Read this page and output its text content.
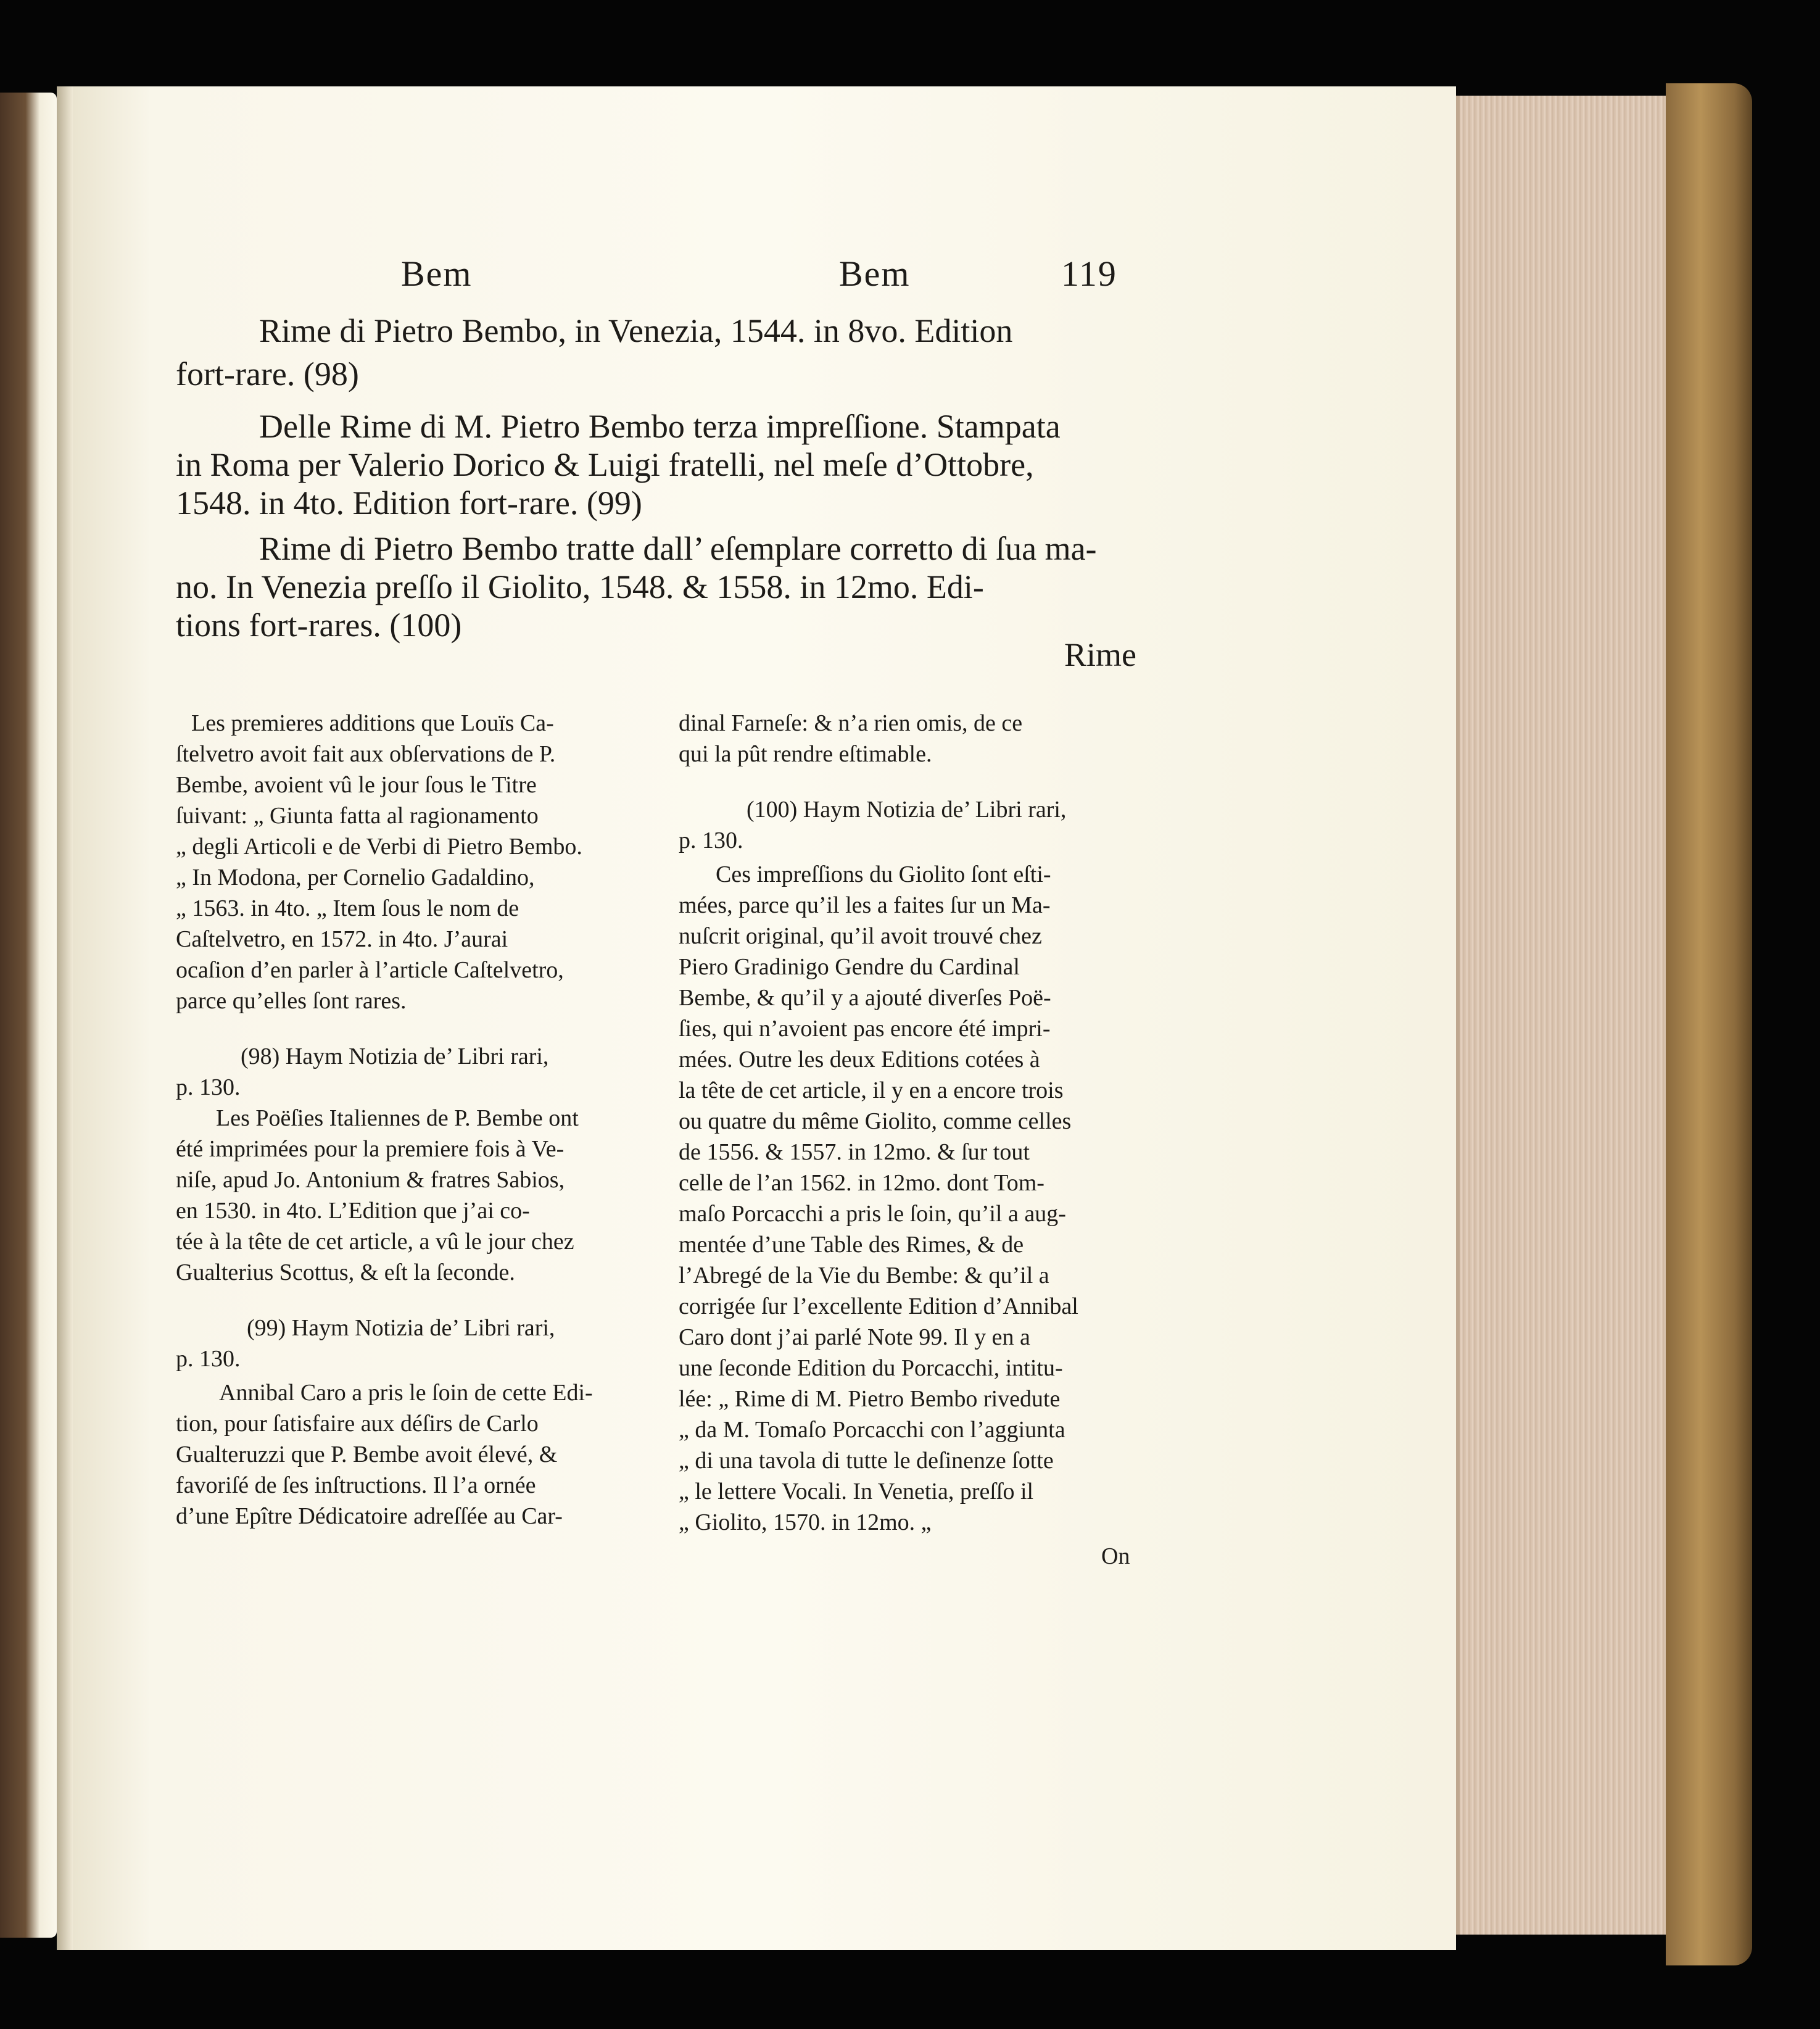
Bem	Bem	119
Rime di Pietro Bembo, in Venezia, 1544. in 8vo. Edition
fort-rare. (98)
Delle Rime di M. Pietro Bembo terza impreſſione. Stampata
in Roma per Valerio Dorico & Luigi fratelli, nel meſe d’Ottobre,
1548. in 4to. Edition fort-rare. (99)
Rime di Pietro Bembo tratte dall’ eſemplare corretto di ſua ma-
no. In Venezia preſſo il Giolito, 1548. & 1558. in 12mo. Edi-
tions fort-rares. (100)
Rime
Les premieres additions que Louïs Ca-
ſtelvetro avoit fait aux obſervations de P.
Bembe, avoient vû le jour ſous le Titre
ſuivant: „ Giunta fatta al ragionamento
„ degli Articoli e de Verbi di Pietro Bembo.
„ In Modona, per Cornelio Gadaldino,
„ 1563. in 4to. „ Item ſous le nom de
Caſtelvetro, en 1572. in 4to. J’aurai
ocaſion d’en parler à l’article Caſtelvetro,
parce qu’elles ſont rares.
(98) Haym Notizia de’ Libri rari,
p. 130.
Les Poëſies Italiennes de P. Bembe ont
été imprimées pour la premiere fois à Ve-
niſe, apud Jo. Antonium & fratres Sabios,
en 1530. in 4to. L’Edition que j’ai co-
tée à la tête de cet article, a vû le jour chez
Gualterius Scottus, & eſt la ſeconde.
(99) Haym Notizia de’ Libri rari,
p. 130.
Annibal Caro a pris le ſoin de cette Edi-
tion, pour ſatisfaire aux déſirs de Carlo
Gualteruzzi que P. Bembe avoit élevé, &
favoriſé de ſes inſtructions. Il l’a ornée
d’une Epître Dédicatoire adreſſée au Car-
dinal Farneſe: & n’a rien omis, de ce
qui la pût rendre eſtimable.
(100) Haym Notizia de’ Libri rari,
p. 130.
Ces impreſſions du Giolito ſont eſti-
mées, parce qu’il les a faites ſur un Ma-
nuſcrit original, qu’il avoit trouvé chez
Piero Gradinigo Gendre du Cardinal
Bembe, & qu’il y a ajouté diverſes Poë-
ſies, qui n’avoient pas encore été impri-
mées. Outre les deux Editions cotées à
la tête de cet article, il y en a encore trois
ou quatre du même Giolito, comme celles
de 1556. & 1557. in 12mo. & ſur tout
celle de l’an 1562. in 12mo. dont Tom-
maſo Porcacchi a pris le ſoin, qu’il a aug-
mentée d’une Table des Rimes, & de
l’Abregé de la Vie du Bembe: & qu’il a
corrigée ſur l’excellente Edition d’Annibal
Caro dont j’ai parlé Note 99. Il y en a
une ſeconde Edition du Porcacchi, intitu-
lée: „ Rime di M. Pietro Bembo rivedute
„ da M. Tomaſo Porcacchi con l’aggiunta
„ di una tavola di tutte le deſinenze ſotte
„ le lettere Vocali. In Venetia, preſſo il
„ Giolito, 1570. in 12mo. „
On
